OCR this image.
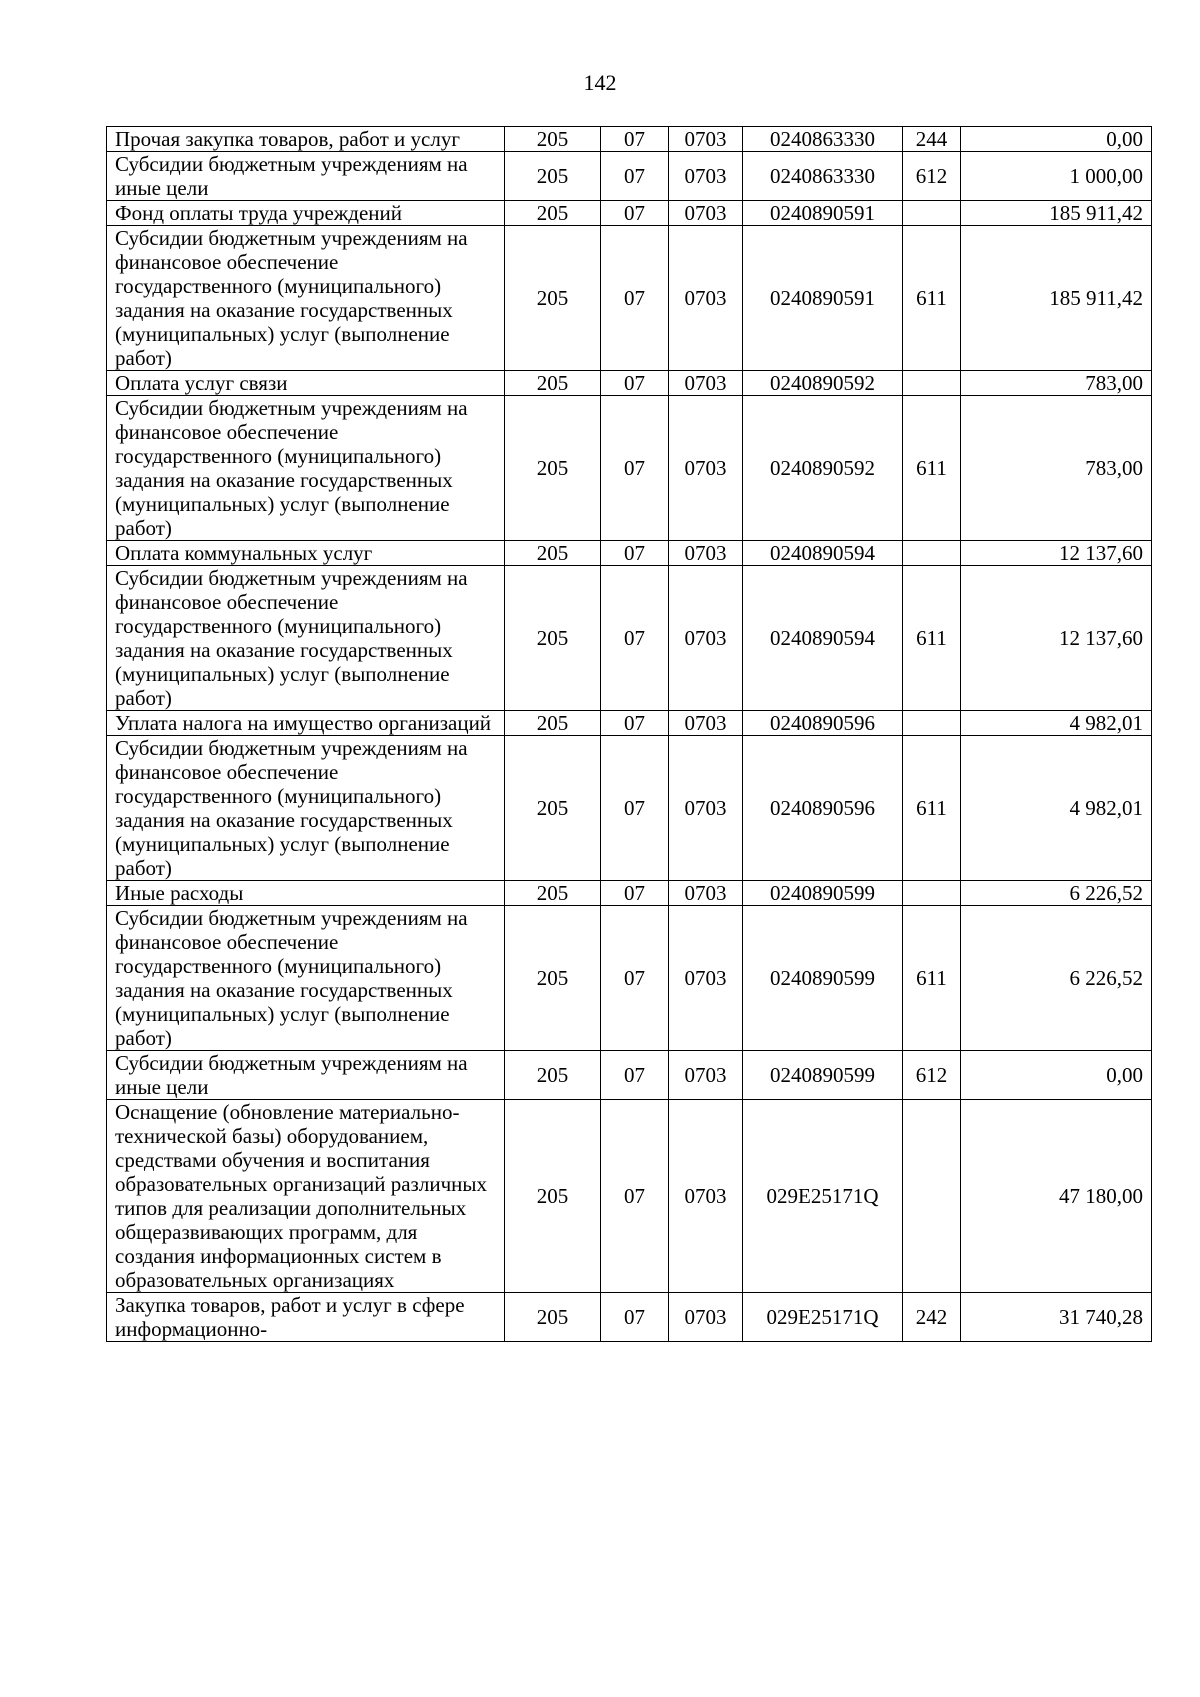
142
Прочая закупка товаров, работ и услуг	205	07	0703	0240863330	244	0,00
Субсидии бюджетным учреждениям на иные цели	205	07	0703	0240863330	612	1 000,00
Фонд оплаты труда учреждений	205	07	0703	0240890591		185 911,42
Субсидии бюджетным учреждениям на финансовое обеспечение государственного (муниципального) задания на оказание государственных (муниципальных) услуг (выполнение работ)	205	07	0703	0240890591	611	185 911,42
Оплата услуг связи	205	07	0703	0240890592		783,00
Субсидии бюджетным учреждениям на финансовое обеспечение государственного (муниципального) задания на оказание государственных (муниципальных) услуг (выполнение работ)	205	07	0703	0240890592	611	783,00
Оплата коммунальных услуг	205	07	0703	0240890594		12 137,60
Субсидии бюджетным учреждениям на финансовое обеспечение государственного (муниципального) задания на оказание государственных (муниципальных) услуг (выполнение работ)	205	07	0703	0240890594	611	12 137,60
Уплата налога на имущество организаций	205	07	0703	0240890596		4 982,01
Субсидии бюджетным учреждениям на финансовое обеспечение государственного (муниципального) задания на оказание государственных (муниципальных) услуг (выполнение работ)	205	07	0703	0240890596	611	4 982,01
Иные расходы	205	07	0703	0240890599		6 226,52
Субсидии бюджетным учреждениям на финансовое обеспечение государственного (муниципального) задания на оказание государственных (муниципальных) услуг (выполнение работ)	205	07	0703	0240890599	611	6 226,52
Субсидии бюджетным учреждениям на иные цели	205	07	0703	0240890599	612	0,00
Оснащение (обновление материально-технической базы) оборудованием, средствами обучения и воспитания образовательных организаций различных типов для реализации дополнительных общеразвивающих программ, для создания информационных систем в образовательных организациях	205	07	0703	029E25171Q		47 180,00
Закупка товаров, работ и услуг в сфере информационно-	205	07	0703	029E25171Q	242	31 740,28
